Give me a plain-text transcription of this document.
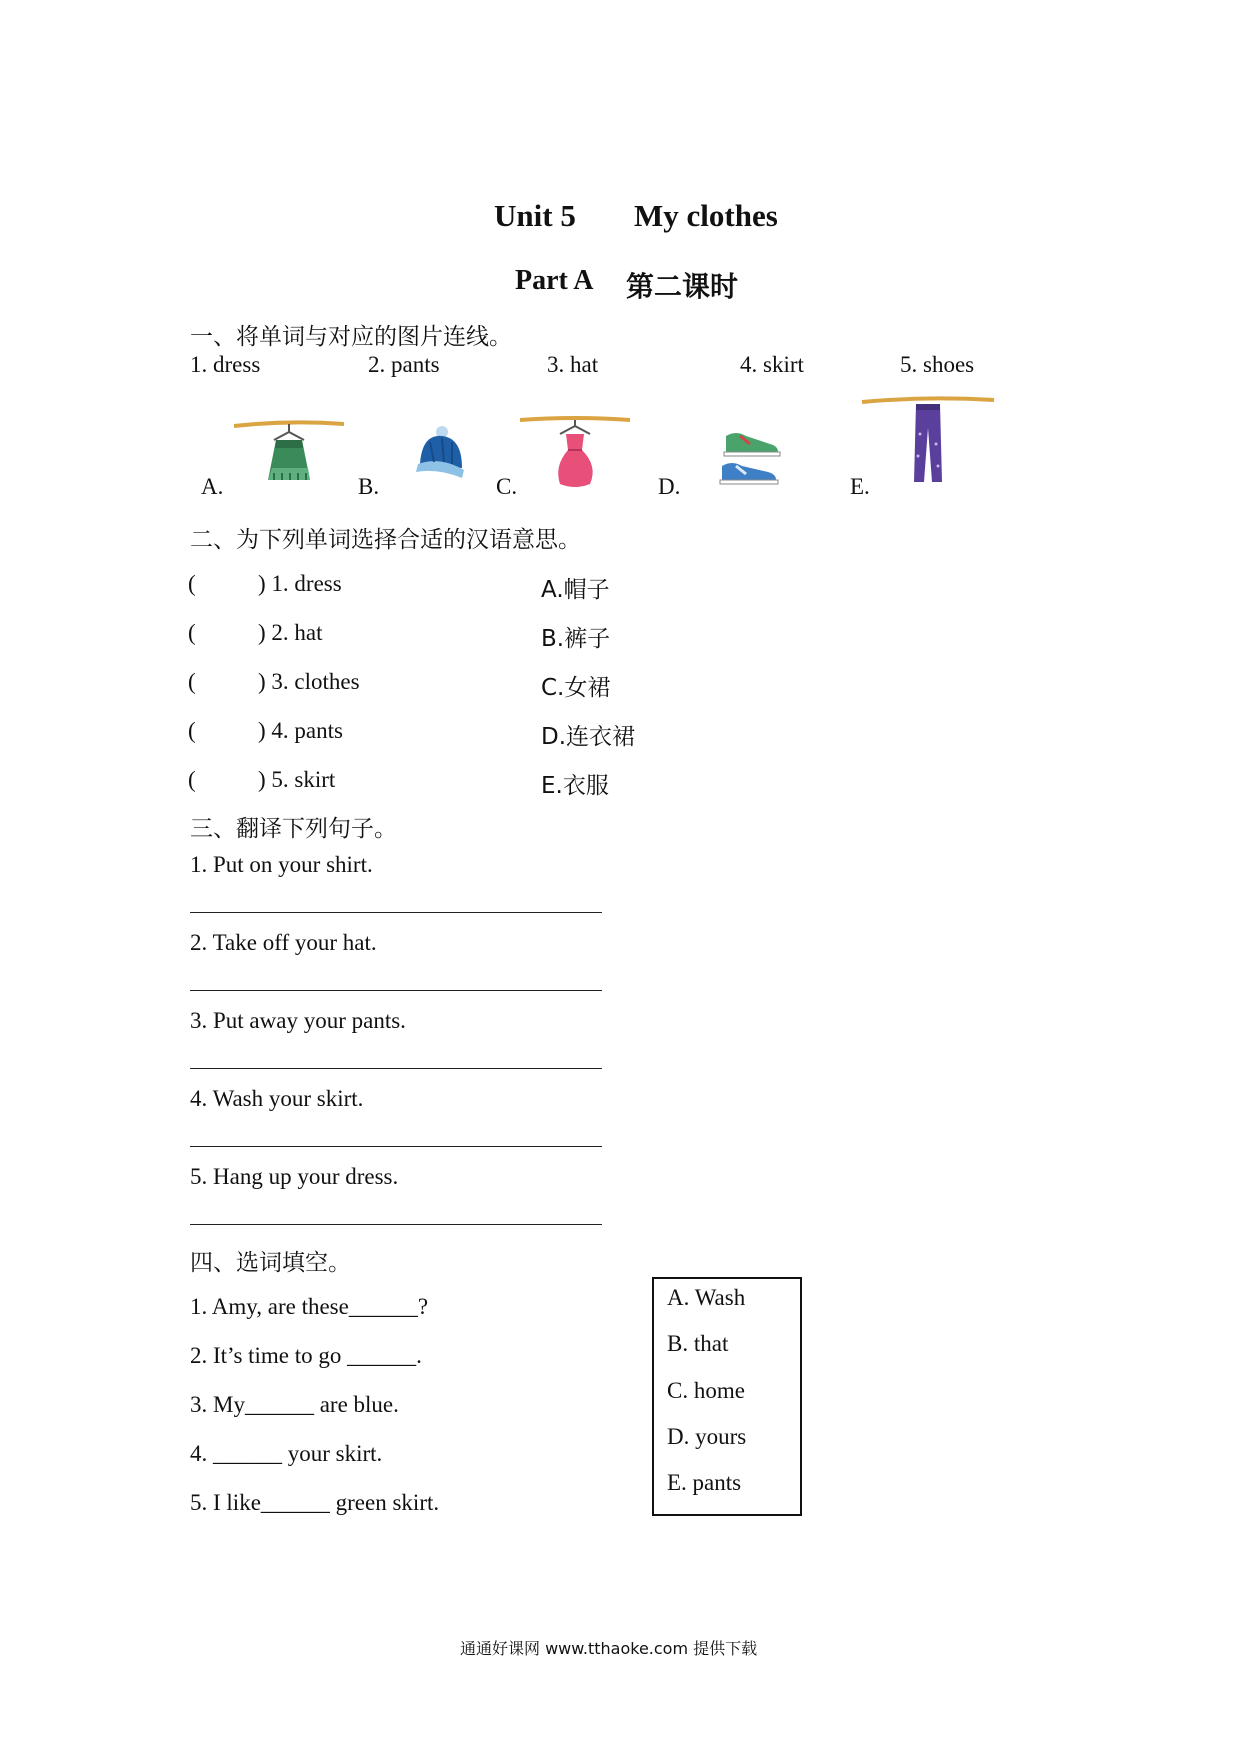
Unit 5 My clothes
Part A 第二课时
一、将单词与对应的图片连线。
1. dress	2. pants	3. hat	4. skirt	5. shoes
A.	B.	C.	D.	E.
二、为下列单词选择合适的汉语意思。
(	) 1. dress	A.帽子
(	) 2. hat	B.裤子
(	) 3. clothes	C.女裙
(	) 4. pants	D.连衣裙
(	) 5. skirt	E.衣服
三、翻译下列句子。
1. Put on your shirt.
2. Take off your hat.
3. Put away your pants.
4. Wash your skirt.
5. Hang up your dress.
四、选词填空。
1. Amy, are these______?
2. It’s time to go ______.
3. My______ are blue.
4. ______ your skirt.
5. I like______ green skirt.
A. Wash
B. that
C. home
D. yours
E. pants
通通好课网 www.tthaoke.com 提供下载
